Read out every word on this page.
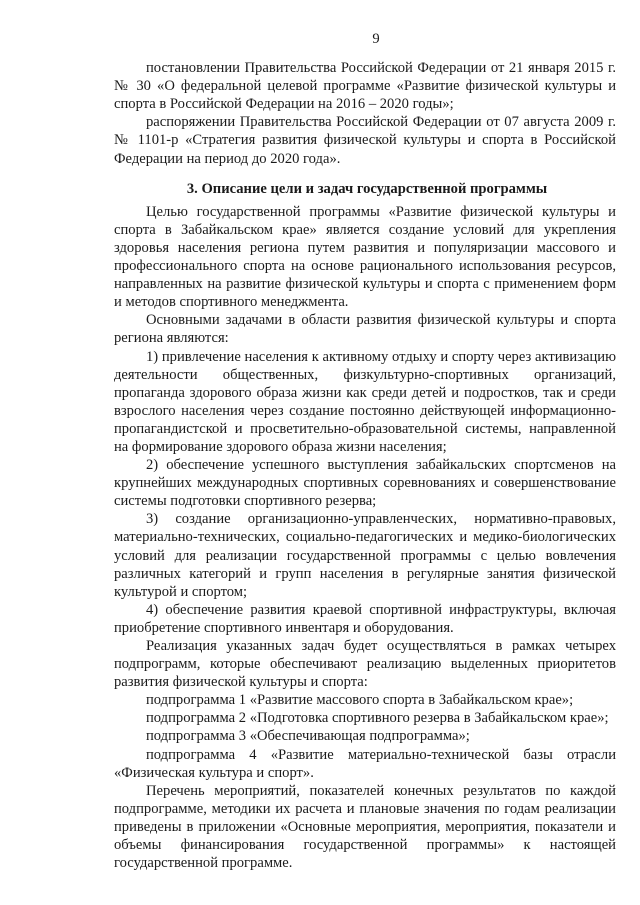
9

постановлении Правительства Российской Федерации от 21 января 2015 г. № 30 «О федеральной целевой программе «Развитие физической культуры и спорта в Российской Федерации на 2016 – 2020 годы»;

распоряжении Правительства Российской Федерации от 07 августа 2009 г. № 1101-р «Стратегия развития физической культуры и спорта в Российской Федерации на период до 2020 года».

3. Описание цели и задач государственной программы

Целью государственной программы «Развитие физической культуры и спорта в Забайкальском крае» является создание условий для укрепления здоровья населения региона путем развития и популяризации массового и профессионального спорта на основе рационального использования ресурсов, направленных на развитие физической культуры и спорта с применением форм и методов спортивного менеджмента.

Основными задачами в области развития физической культуры и спорта региона являются:

1) привлечение населения к активному отдыху и спорту через активизацию деятельности общественных, физкультурно-спортивных организаций, пропаганда здорового образа жизни как среди детей и подростков, так и среди взрослого населения через создание постоянно действующей информационно-пропагандистской и просветительно-образовательной системы, направленной на формирование здорового образа жизни населения;

2) обеспечение успешного выступления забайкальских спортсменов на крупнейших международных спортивных соревнованиях и совершенствование системы подготовки спортивного резерва;

3) создание организационно-управленческих, нормативно-правовых, материально-технических, социально-педагогических и медико-биологических условий для реализации государственной программы с целью вовлечения различных категорий и групп населения в регулярные занятия физической культурой и спортом;

4) обеспечение развития краевой спортивной инфраструктуры, включая приобретение спортивного инвентаря и оборудования.

Реализация указанных задач будет осуществляться в рамках четырех подпрограмм, которые обеспечивают реализацию выделенных приоритетов развития физической культуры и спорта:

подпрограмма 1 «Развитие массового спорта в Забайкальском крае»;

подпрограмма 2 «Подготовка спортивного резерва в Забайкальском крае»;

подпрограмма 3 «Обеспечивающая подпрограмма»;

подпрограмма 4 «Развитие материально-технической базы отрасли «Физическая культура и спорт».

Перечень мероприятий, показателей конечных результатов по каждой подпрограмме, методики их расчета и плановые значения по годам реализации приведены в приложении «Основные мероприятия, мероприятия, показатели и объемы финансирования государственной программы» к настоящей государственной программе.
